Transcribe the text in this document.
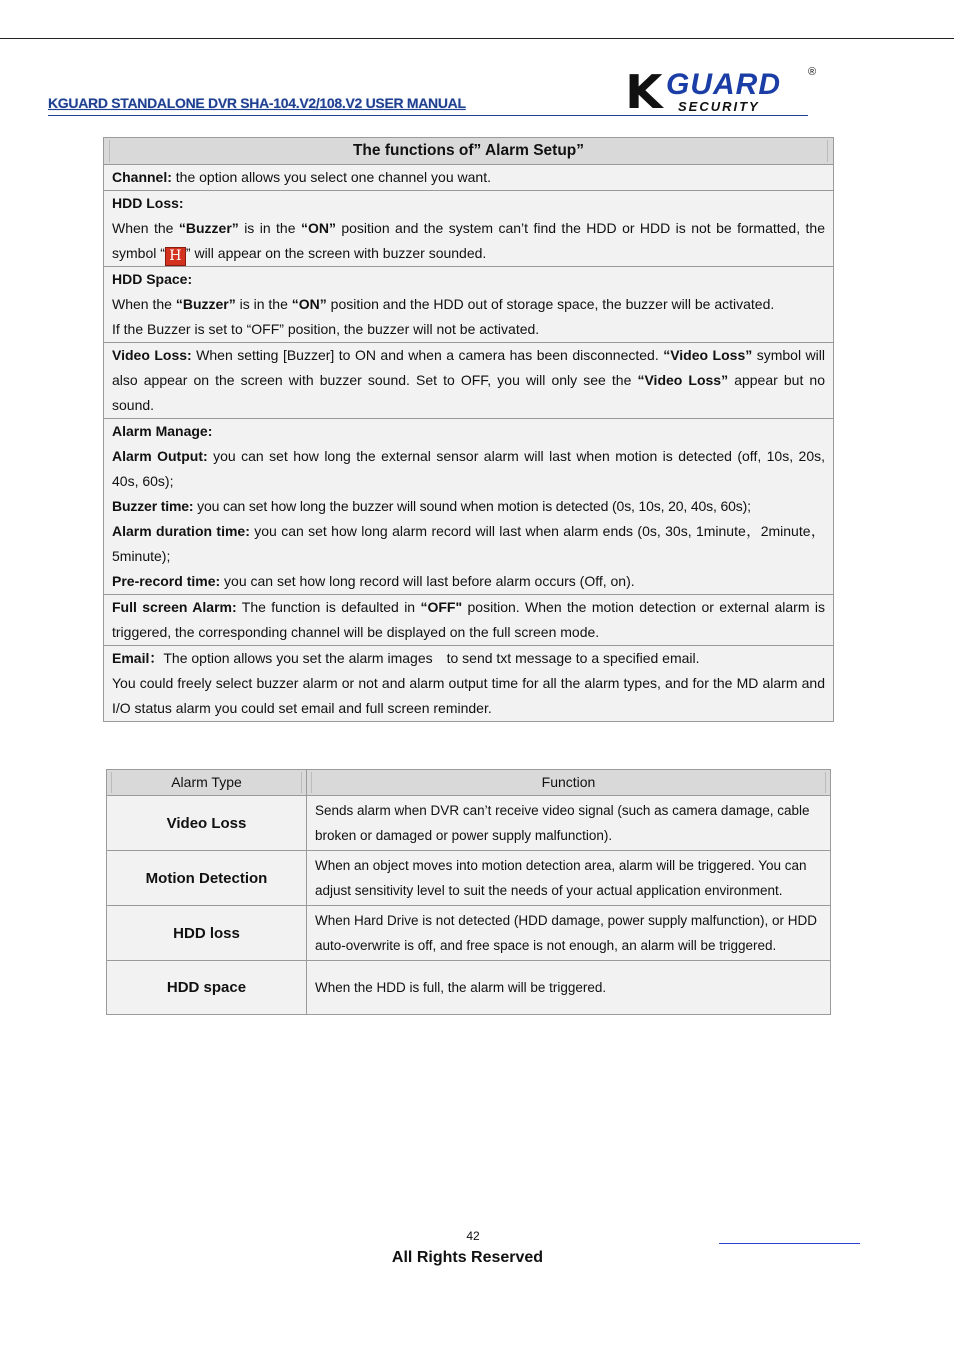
KGUARD STANDALONE DVR SHA-104.V2/108.V2 USER MANUAL	K GUARD
SECURITY
®
The functions of” Alarm Setup”

Channel: the option allows you select one channel you want.

HDD Loss:
When the “Buzzer” is in the “ON” position and the system can’t find the HDD or HDD is not be formatted, the symbol “ H ” will appear on the screen with buzzer sounded.

HDD Space:
When the “Buzzer” is in the “ON” position and the HDD out of storage space, the buzzer will be activated.
If the Buzzer is set to “OFF” position, the buzzer will not be activated.

Video Loss: When setting [Buzzer] to ON and when a camera has been disconnected. “Video Loss” symbol will also appear on the screen with buzzer sound. Set to OFF, you will only see the “Video Loss” appear but no sound.

Alarm Manage:
Alarm Output: you can set how long the external sensor alarm will last when motion is detected (off, 10s, 20s, 40s, 60s);
Buzzer time: you can set how long the buzzer will sound when motion is detected (0s, 10s, 20, 40s, 60s);
Alarm duration time: you can set how long alarm record will last when alarm ends (0s, 30s, 1minute，2minute，5minute);
Pre-record time: you can set how long record will last before alarm occurs (Off, on).

Full screen Alarm: The function is defaulted in “OFF" position. When the motion detection or external alarm is triggered, the corresponding channel will be displayed on the full screen mode.

Email：The option allows you set the alarm images　to send txt message to a specified email.
You could freely select buzzer alarm or not and alarm output time for all the alarm types, and for the MD alarm and I/O status alarm you could set email and full screen reminder.
Alarm Type	Function

Video Loss	Sends alarm when DVR can’t receive video signal (such as camera damage, cable broken or damaged or power supply malfunction).
Motion Detection	When an object moves into motion detection area, alarm will be triggered. You can adjust sensitivity level to suit the needs of your actual application environment.
HDD loss	When Hard Drive is not detected (HDD damage, power supply malfunction), or HDD auto-overwrite is off, and free space is not enough, an alarm will be triggered.
HDD space	When the HDD is full, the alarm will be triggered.
42
All Rights Reserved
